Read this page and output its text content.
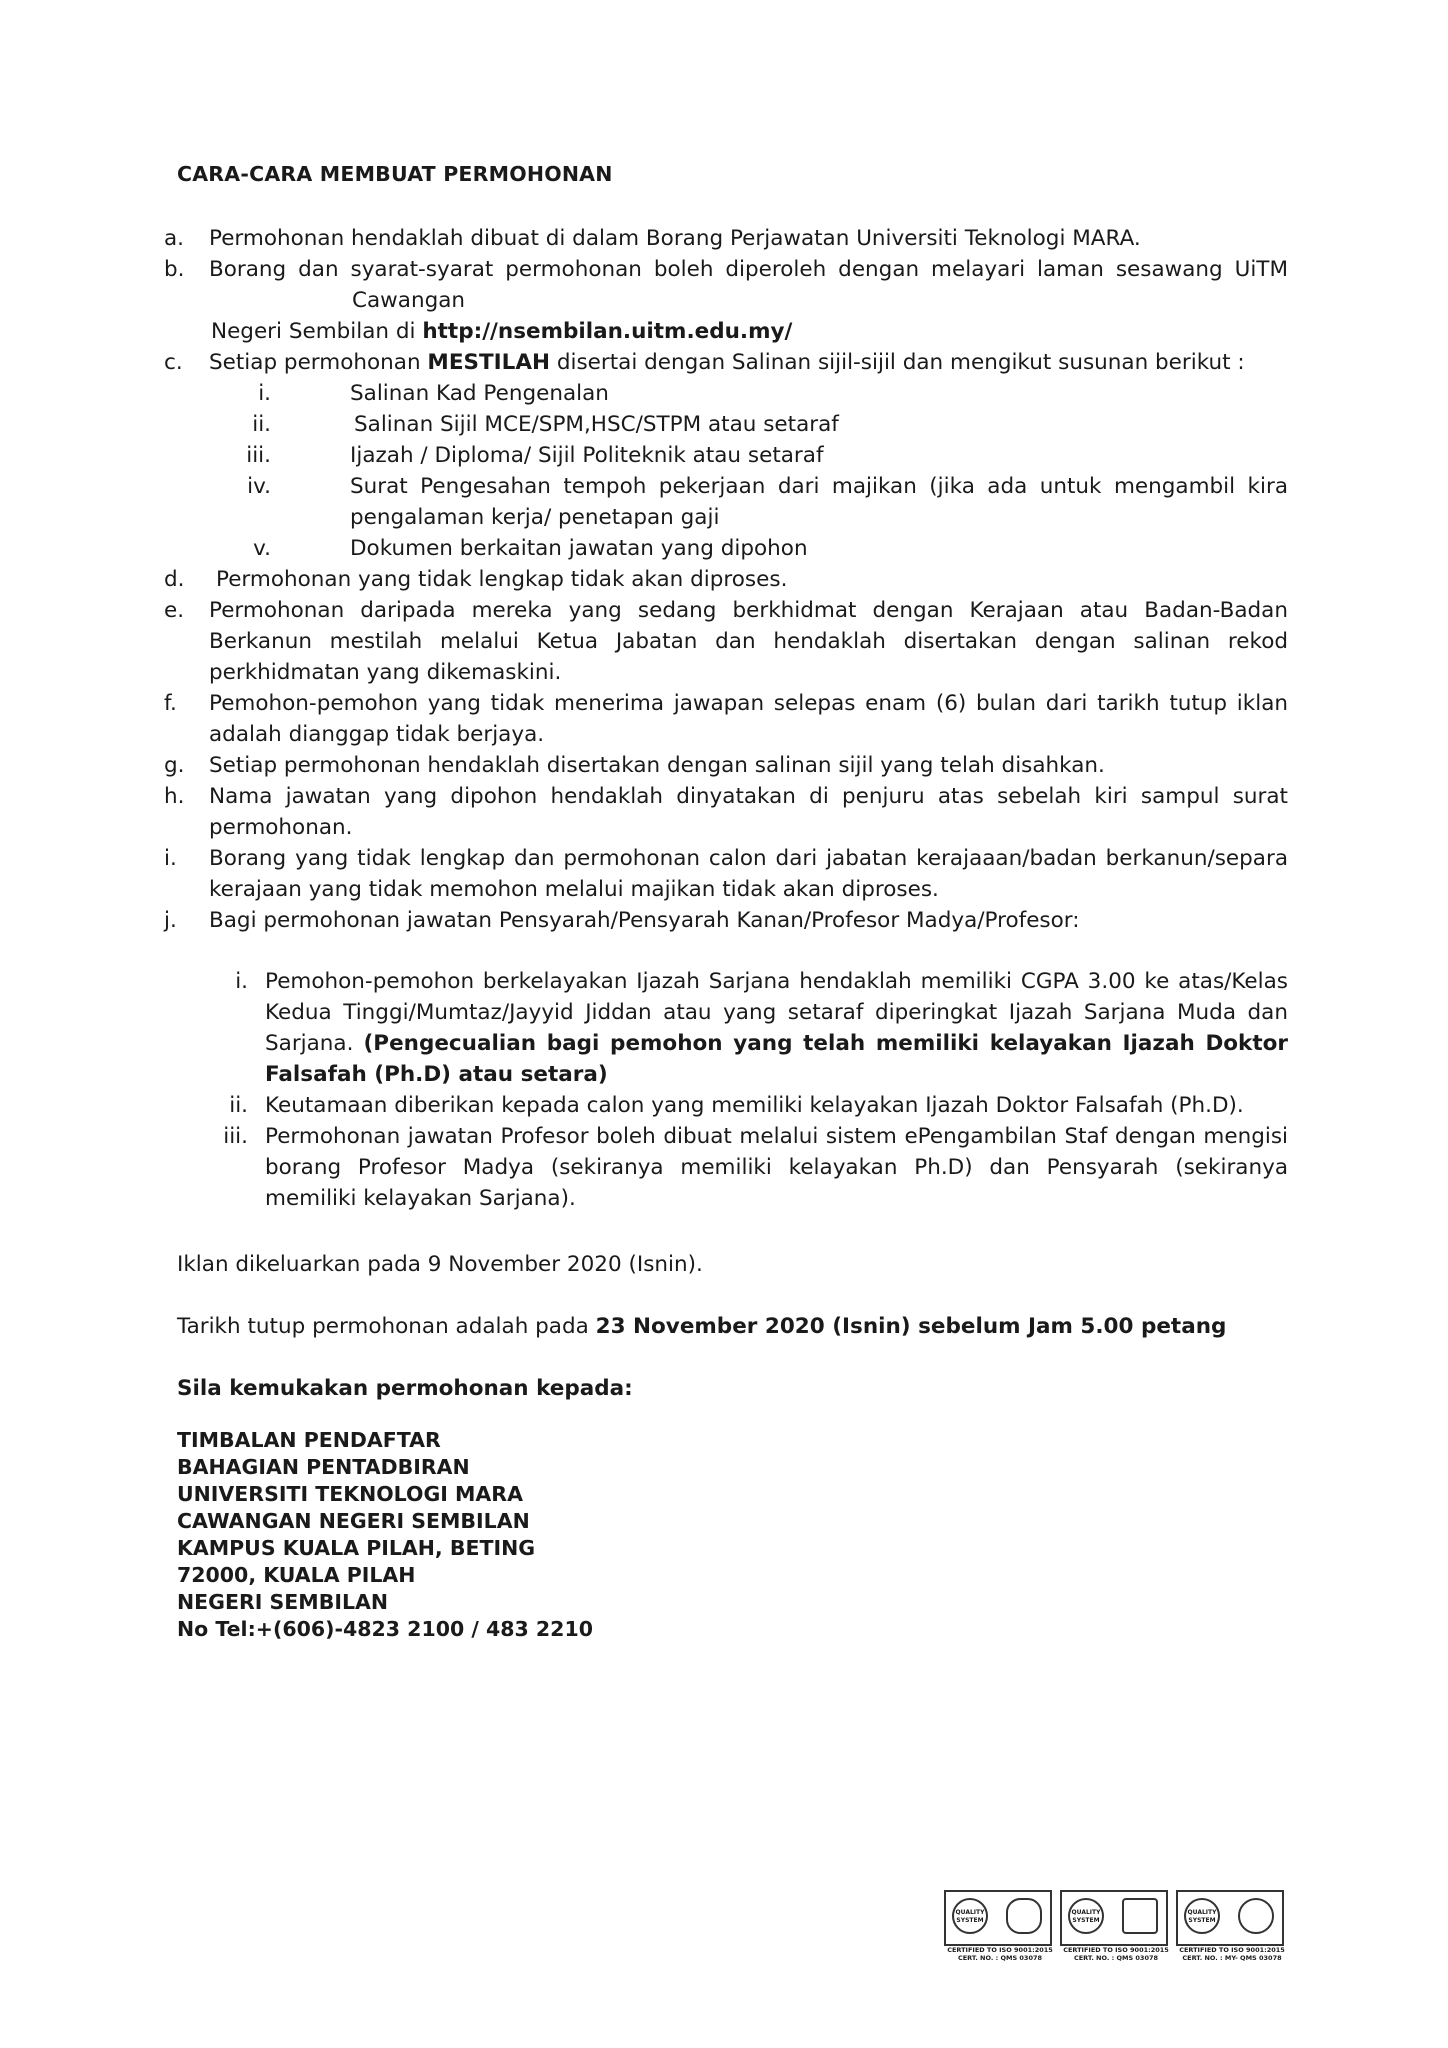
CARA-CARA MEMBUAT PERMOHONAN
a. Permohonan hendaklah dibuat di dalam Borang Perjawatan Universiti Teknologi MARA.
b. Borang dan syarat-syarat permohonan boleh diperoleh dengan melayari laman sesawang UiTM
Cawangan
Negeri Sembilan di http://nsembilan.uitm.edu.my/
c. Setiap permohonan MESTILAH disertai dengan Salinan sijil-sijil dan mengikut susunan berikut :
i.	Salinan Kad Pengenalan
ii.	Salinan Sijil MCE/SPM,HSC/STPM atau setaraf
iii.	Ijazah / Diploma/ Sijil Politeknik atau setaraf
iv.	Surat Pengesahan tempoh pekerjaan dari majikan (jika ada untuk mengambil kira pengalaman kerja/ penetapan gaji
v.	Dokumen berkaitan jawatan yang dipohon
d. Permohonan yang tidak lengkap tidak akan diproses.
e. Permohonan daripada mereka yang sedang berkhidmat dengan Kerajaan atau Badan-Badan Berkanun mestilah melalui Ketua Jabatan dan hendaklah disertakan dengan salinan rekod perkhidmatan yang dikemaskini.
f. Pemohon-pemohon yang tidak menerima jawapan selepas enam (6) bulan dari tarikh tutup iklan adalah dianggap tidak berjaya.
g. Setiap permohonan hendaklah disertakan dengan salinan sijil yang telah disahkan.
h. Nama jawatan yang dipohon hendaklah dinyatakan di penjuru atas sebelah kiri sampul surat permohonan.
i. Borang yang tidak lengkap dan permohonan calon dari jabatan kerajaaan/badan berkanun/separa kerajaan yang tidak memohon melalui majikan tidak akan diproses.
j. Bagi permohonan jawatan Pensyarah/Pensyarah Kanan/Profesor Madya/Profesor:
i. Pemohon-pemohon berkelayakan Ijazah Sarjana hendaklah memiliki CGPA 3.00 ke atas/Kelas Kedua Tinggi/Mumtaz/Jayyid Jiddan atau yang setaraf diperingkat Ijazah Sarjana Muda dan Sarjana. (Pengecualian bagi pemohon yang telah memiliki kelayakan Ijazah Doktor Falsafah (Ph.D) atau setara)
ii. Keutamaan diberikan kepada calon yang memiliki kelayakan Ijazah Doktor Falsafah (Ph.D).
iii. Permohonan jawatan Profesor boleh dibuat melalui sistem ePengambilan Staf dengan mengisi borang Profesor Madya (sekiranya memiliki kelayakan Ph.D) dan Pensyarah (sekiranya memiliki kelayakan Sarjana).
Iklan dikeluarkan pada 9 November 2020 (Isnin).
Tarikh tutup permohonan adalah pada 23 November 2020 (Isnin) sebelum Jam 5.00 petang
Sila kemukakan permohonan kepada:
TIMBALAN PENDAFTAR
BAHAGIAN PENTADBIRAN
UNIVERSITI TEKNOLOGI MARA
CAWANGAN NEGERI SEMBILAN
KAMPUS KUALA PILAH, BETING
72000, KUALA PILAH
NEGERI SEMBILAN
No Tel:+(606)-4823 2100 / 483 2210
QUALITY SYSTEM
CERTIFIED TO ISO 9001:2015
CERT. NO. : QMS 03078
QUALITY SYSTEM
CERTIFIED TO ISO 9001:2015
CERT. NO. : QMS 03078
QUALITY SYSTEM
CERTIFIED TO ISO 9001:2015
CERT. NO. : MY- QMS 03078
